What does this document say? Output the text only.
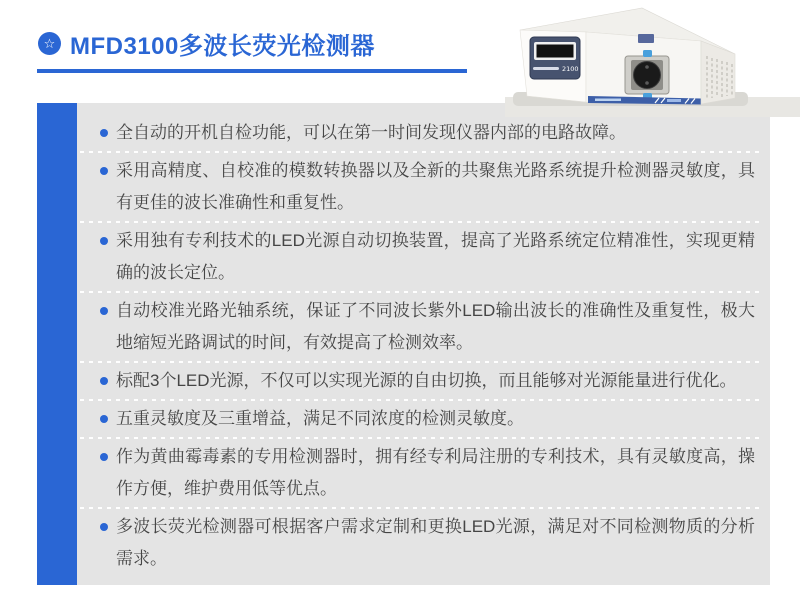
☆ MFD3100多波长荧光检测器
2100
全自动的开机自检功能，可以在第一时间发现仪器内部的电路故障。
采用高精度、自校准的模数转换器以及全新的共聚焦光路系统提升检测器灵敏度，具有更佳的波长准确性和重复性。
采用独有专利技术的LED光源自动切换装置，提高了光路系统定位精准性，实现更精确的波长定位。
自动校准光路光轴系统，保证了不同波长紫外LED输出波长的准确性及重复性，极大地缩短光路调试的时间，有效提高了检测效率。
标配3个LED光源，不仅可以实现光源的自由切换，而且能够对光源能量进行优化。
五重灵敏度及三重增益，满足不同浓度的检测灵敏度。
作为黄曲霉毒素的专用检测器时，拥有经专利局注册的专利技术，具有灵敏度高，操作方便，维护费用低等优点。
多波长荧光检测器可根据客户需求定制和更换LED光源，满足对不同检测物质的分析需求。
